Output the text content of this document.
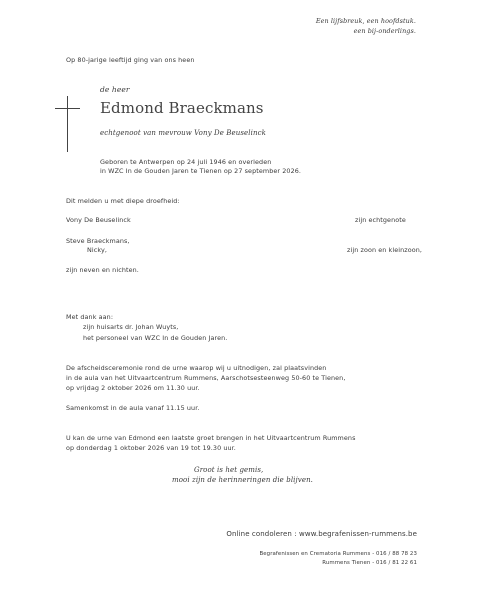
Een lijfsbreuk, een hoofdstuk.
een bij-onderlings.
Op 80-jarige leeftijd ging van ons heen
de heer
Edmond Braeckmans
echtgenoot van mevrouw Vony De Beuselinck
Geboren te Antwerpen op 24 juli 1946 en overleden
in WZC In de Gouden Jaren te Tienen op 27 september 2026.
Dit melden u met diepe droefheid:
Vony De Beuselinck	zijn echtgenote
Steve Braeckmans,
Nicky,	zijn zoon en kleinzoon,
zijn neven en nichten.
Met dank aan:
zijn huisarts dr. Johan Wuyts,
het personeel van WZC In de Gouden Jaren.
De afscheidsceremonie rond de urne waarop wij u uitnodigen, zal plaatsvinden
in de aula van het Uitvaartcentrum Rummens, Aarschotsesteenweg 50-60 te Tienen,
op vrijdag 2 oktober 2026 om 11.30 uur.
Samenkomst in de aula vanaf 11.15 uur.
U kan de urne van Edmond een laatste groet brengen in het Uitvaartcentrum Rummens
op donderdag 1 oktober 2026 van 19 tot 19.30 uur.
Groot is het gemis,
mooi zijn de herinneringen die blijven.
Online condoleren : www.begrafenissen-rummens.be
Begrafenissen en Crematoria Rummens - 016 / 88 78 23
Rummens Tienen - 016 / 81 22 61
